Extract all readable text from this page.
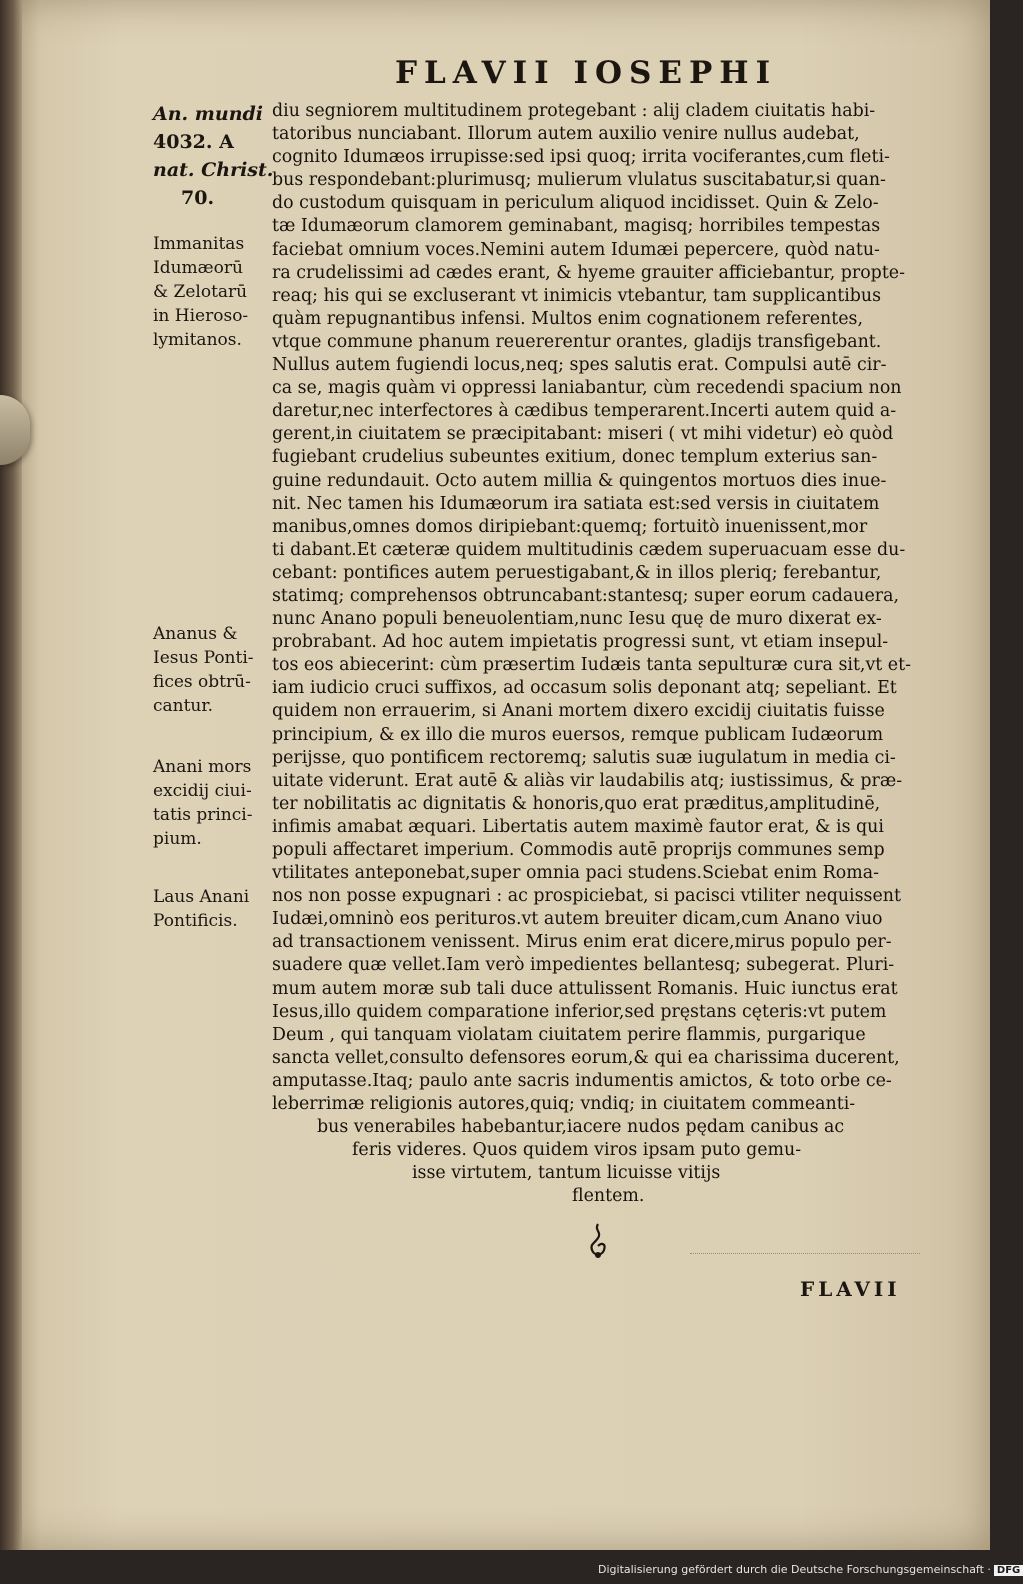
FLAVII IOSEPHI
An. mundi
4032. A
nat. Christ.
70.
Immanitas
Idumæorū
& Zelotarū
in Hieroso-
lymitanos.
Ananus &
Iesus Ponti-
fices obtrū-
cantur.
Anani mors
excidij ciui-
tatis princi-
pium.
Laus Anani
Pontificis.
diu segniorem multitudinem protegebant : alij cladem ciuitatis habi-
tatoribus nunciabant. Illorum autem auxilio venire nullus audebat,
cognito Idumæos irrupisse:sed ipsi quoq; irrita vociferantes,cum fleti-
bus respondebant:plurimusq; mulierum vlulatus suscitabatur,si quan-
do custodum quisquam in periculum aliquod incidisset. Quin & Zelo-
tæ Idumæorum clamorem geminabant, magisq; horribiles tempestas
faciebat omnium voces.Nemini autem Idumæi pepercere, quòd natu-
ra crudelissimi ad cædes erant, & hyeme grauiter afficiebantur, propte-
reaq; his qui se excluserant vt inimicis vtebantur, tam supplicantibus
quàm repugnantibus infensi. Multos enim cognationem referentes,
vtque commune phanum reuererentur orantes, gladijs transfigebant.
Nullus autem fugiendi locus,neq; spes salutis erat. Compulsi autē cir-
ca se, magis quàm vi oppressi laniabantur, cùm recedendi spacium non
daretur,nec interfectores à cædibus temperarent.Incerti autem quid a-
gerent,in ciuitatem se præcipitabant: miseri ( vt mihi videtur) eò quòd
fugiebant crudelius subeuntes exitium, donec templum exterius san-
guine redundauit. Octo autem millia & quingentos mortuos dies inue-
nit. Nec tamen his Idumæorum ira satiata est:sed versis in ciuitatem
manibus,omnes domos diripiebant:quemq; fortuitò inuenissent,mor
ti dabant.Et cæteræ quidem multitudinis cædem superuacuam esse du-
cebant: pontifices autem peruestigabant,& in illos pleriq; ferebantur,
statimq; comprehensos obtruncabant:stantesq; super eorum cadauera,
nunc Anano populi beneuolentiam,nunc Iesu quę de muro dixerat ex-
probrabant. Ad hoc autem impietatis progressi sunt, vt etiam insepul-
tos eos abiecerint: cùm præsertim Iudæis tanta sepulturæ cura sit,vt et-
iam iudicio cruci suffixos, ad occasum solis deponant atq; sepeliant. Et
quidem non errauerim, si Anani mortem dixero excidij ciuitatis fuisse
principium, & ex illo die muros euersos, remque publicam Iudæorum
perijsse, quo pontificem rectoremq; salutis suæ iugulatum in media ci-
uitate viderunt. Erat autē & aliàs vir laudabilis atq; iustissimus, & præ-
ter nobilitatis ac dignitatis & honoris,quo erat præditus,amplitudinē,
infimis amabat æquari. Libertatis autem maximè fautor erat, & is qui
populi affectaret imperium. Commodis autē proprijs communes semp
vtilitates anteponebat,super omnia paci studens.Sciebat enim Roma-
nos non posse expugnari : ac prospiciebat, si pacisci vtiliter nequissent
Iudæi,omninò eos perituros.vt autem breuiter dicam,cum Anano viuo
ad transactionem venissent. Mirus enim erat dicere,mirus populo per-
suadere quæ vellet.Iam verò impedientes bellantesq; subegerat. Pluri-
mum autem moræ sub tali duce attulissent Romanis. Huic iunctus erat
Iesus,illo quidem comparatione inferior,sed pręstans cęteris:vt putem
Deum , qui tanquam violatam ciuitatem perire flammis, purgarique
sancta vellet,consulto defensores eorum,& qui ea charissima ducerent,
amputasse.Itaq; paulo ante sacris indumentis amictos, & toto orbe ce-
leberrimæ religionis autores,quiq; vndiq; in ciuitatem commeanti-
bus venerabiles habebantur,iacere nudos pędam canibus ac
feris videres. Quos quidem viros ipsam puto gemu-
isse virtutem, tantum licuisse vitijs
flentem.
FLAVII
Digitalisierung gefördert durch die Deutsche Forschungsgemeinschaft · DFG
